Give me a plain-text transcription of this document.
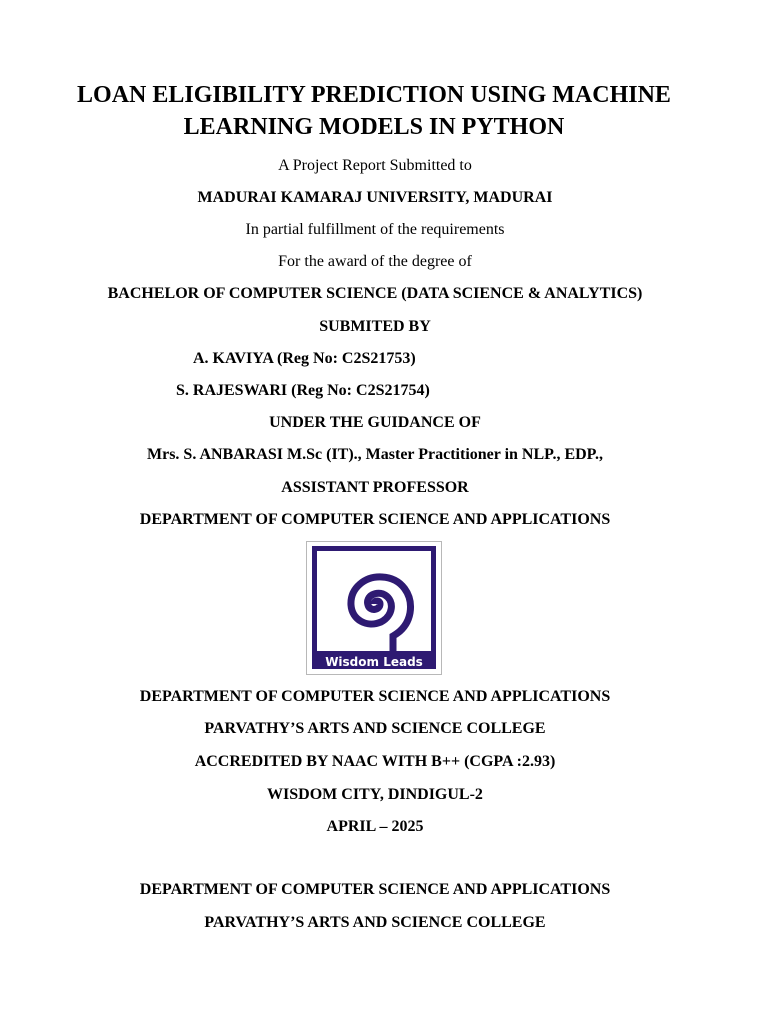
LOAN ELIGIBILITY PREDICTION USING MACHINE
LEARNING MODELS IN PYTHON
A Project Report Submitted to
MADURAI KAMARAJ UNIVERSITY, MADURAI
In partial fulfillment of the requirements
For the award of the degree of
BACHELOR OF COMPUTER SCIENCE (DATA SCIENCE & ANALYTICS)
SUBMITED BY
A. KAVIYA (Reg No: C2S21753)
S. RAJESWARI (Reg No: C2S21754)
UNDER THE GUIDANCE OF
Mrs. S. ANBARASI M.Sc (IT)., Master Practitioner in NLP., EDP.,
ASSISTANT PROFESSOR
DEPARTMENT OF COMPUTER SCIENCE AND APPLICATIONS
Wisdom Leads
DEPARTMENT OF COMPUTER SCIENCE AND APPLICATIONS
PARVATHY’S ARTS AND SCIENCE COLLEGE
ACCREDITED BY NAAC WITH B++ (CGPA :2.93)
WISDOM CITY, DINDIGUL-2
APRIL – 2025
DEPARTMENT OF COMPUTER SCIENCE AND APPLICATIONS
PARVATHY’S ARTS AND SCIENCE COLLEGE
